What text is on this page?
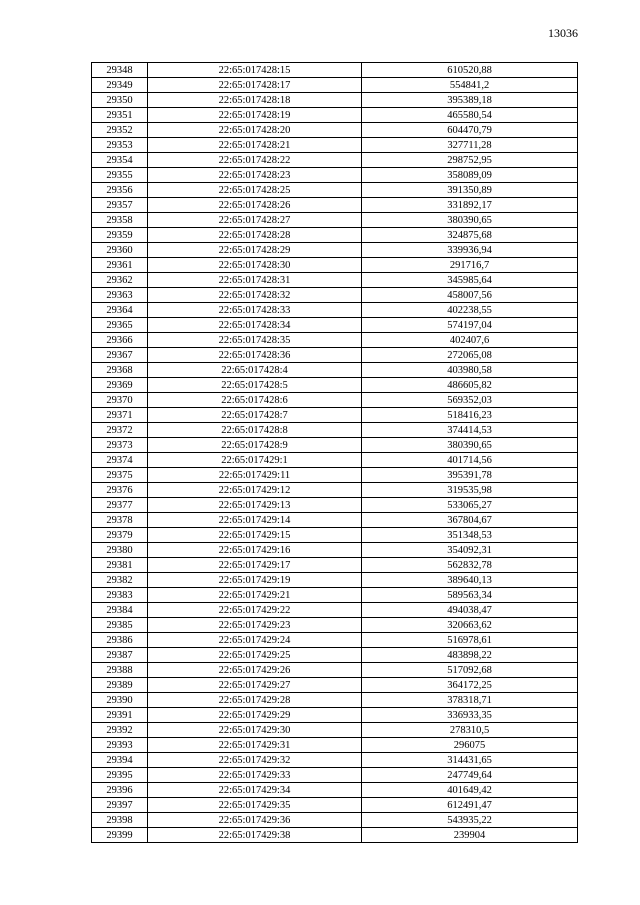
13036
29348	22:65:017428:15	610520,88
29349	22:65:017428:17	554841,2
29350	22:65:017428:18	395389,18
29351	22:65:017428:19	465580,54
29352	22:65:017428:20	604470,79
29353	22:65:017428:21	327711,28
29354	22:65:017428:22	298752,95
29355	22:65:017428:23	358089,09
29356	22:65:017428:25	391350,89
29357	22:65:017428:26	331892,17
29358	22:65:017428:27	380390,65
29359	22:65:017428:28	324875,68
29360	22:65:017428:29	339936,94
29361	22:65:017428:30	291716,7
29362	22:65:017428:31	345985,64
29363	22:65:017428:32	458007,56
29364	22:65:017428:33	402238,55
29365	22:65:017428:34	574197,04
29366	22:65:017428:35	402407,6
29367	22:65:017428:36	272065,08
29368	22:65:017428:4	403980,58
29369	22:65:017428:5	486605,82
29370	22:65:017428:6	569352,03
29371	22:65:017428:7	518416,23
29372	22:65:017428:8	374414,53
29373	22:65:017428:9	380390,65
29374	22:65:017429:1	401714,56
29375	22:65:017429:11	395391,78
29376	22:65:017429:12	319535,98
29377	22:65:017429:13	533065,27
29378	22:65:017429:14	367804,67
29379	22:65:017429:15	351348,53
29380	22:65:017429:16	354092,31
29381	22:65:017429:17	562832,78
29382	22:65:017429:19	389640,13
29383	22:65:017429:21	589563,34
29384	22:65:017429:22	494038,47
29385	22:65:017429:23	320663,62
29386	22:65:017429:24	516978,61
29387	22:65:017429:25	483898,22
29388	22:65:017429:26	517092,68
29389	22:65:017429:27	364172,25
29390	22:65:017429:28	378318,71
29391	22:65:017429:29	336933,35
29392	22:65:017429:30	278310,5
29393	22:65:017429:31	296075
29394	22:65:017429:32	314431,65
29395	22:65:017429:33	247749,64
29396	22:65:017429:34	401649,42
29397	22:65:017429:35	612491,47
29398	22:65:017429:36	543935,22
29399	22:65:017429:38	239904
